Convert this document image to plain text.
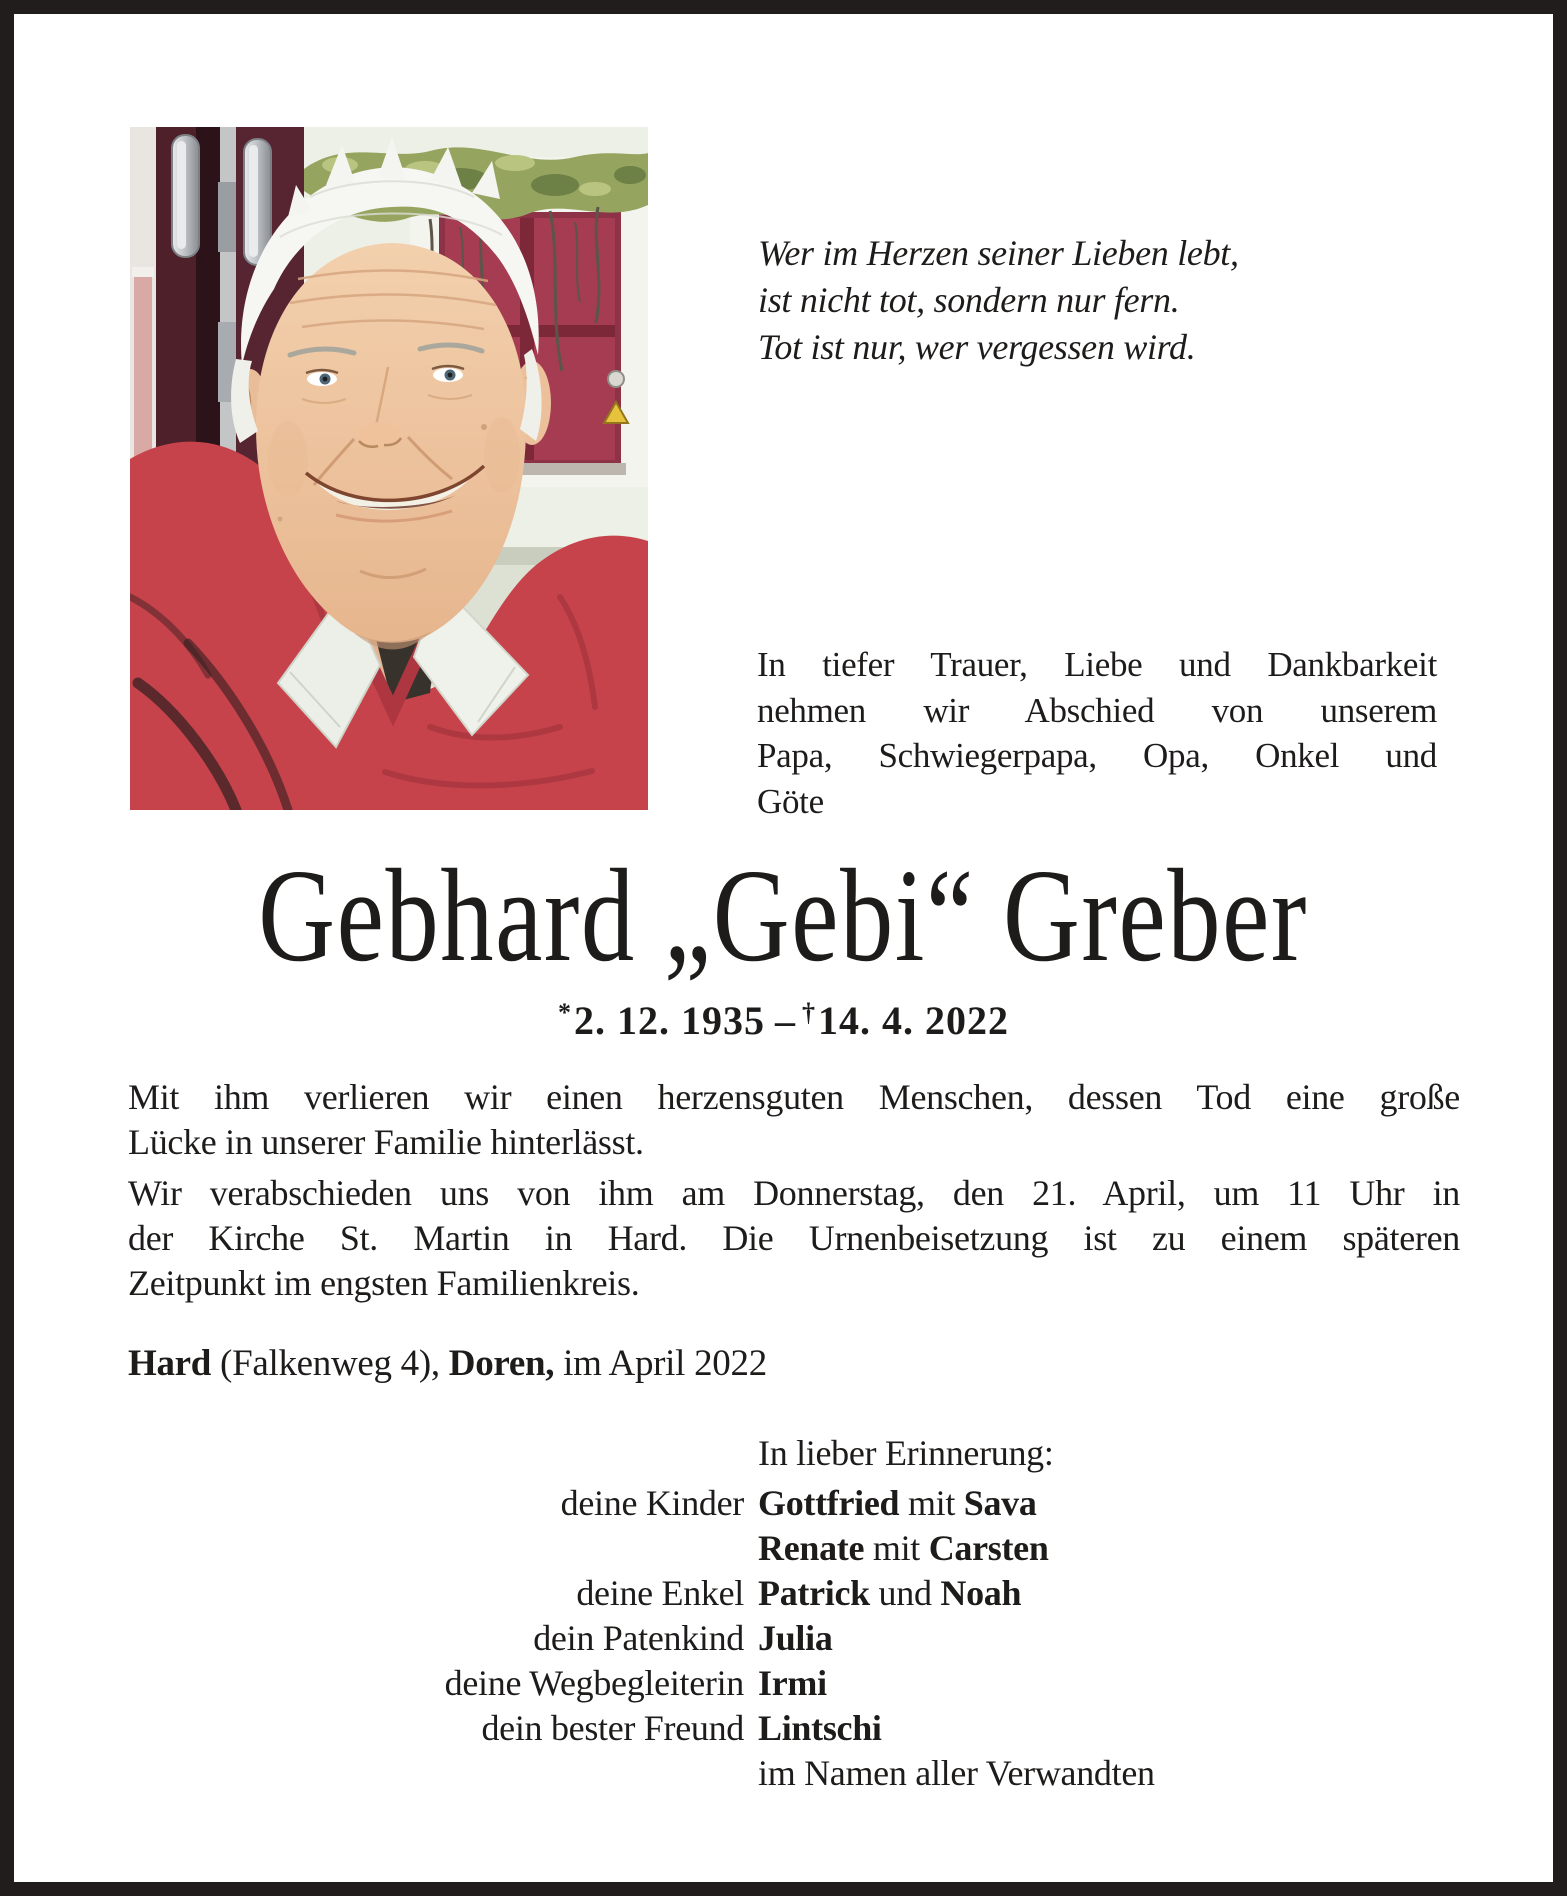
Wer im Herzen seiner Lieben lebt,
ist nicht tot, sondern nur fern.
Tot ist nur, wer vergessen wird.
In tiefer Trauer, Liebe und Dankbarkeit
nehmen wir Abschied von unserem
Papa, Schwiegerpapa, Opa, Onkel und
Göte
Gebhard „Gebi“ Greber
*2. 12. 1935 – †14. 4. 2022
Mit ihm verlieren wir einen herzensguten Menschen, dessen Tod eine große
Lücke in unserer Familie hinterlässt.
Wir verabschieden uns von ihm am Donnerstag, den 21. April, um 11 Uhr in
der Kirche St. Martin in Hard. Die Urnenbeisetzung ist zu einem späteren
Zeitpunkt im engsten Familienkreis.
Hard (Falkenweg 4), Doren, im April 2022
In lieber Erinnerung:
deine Kinder Gottfried mit Sava
Renate mit Carsten
deine Enkel Patrick und Noah
dein Patenkind Julia
deine Wegbegleiterin Irmi
dein bester Freund Lintschi
im Namen aller Verwandten
